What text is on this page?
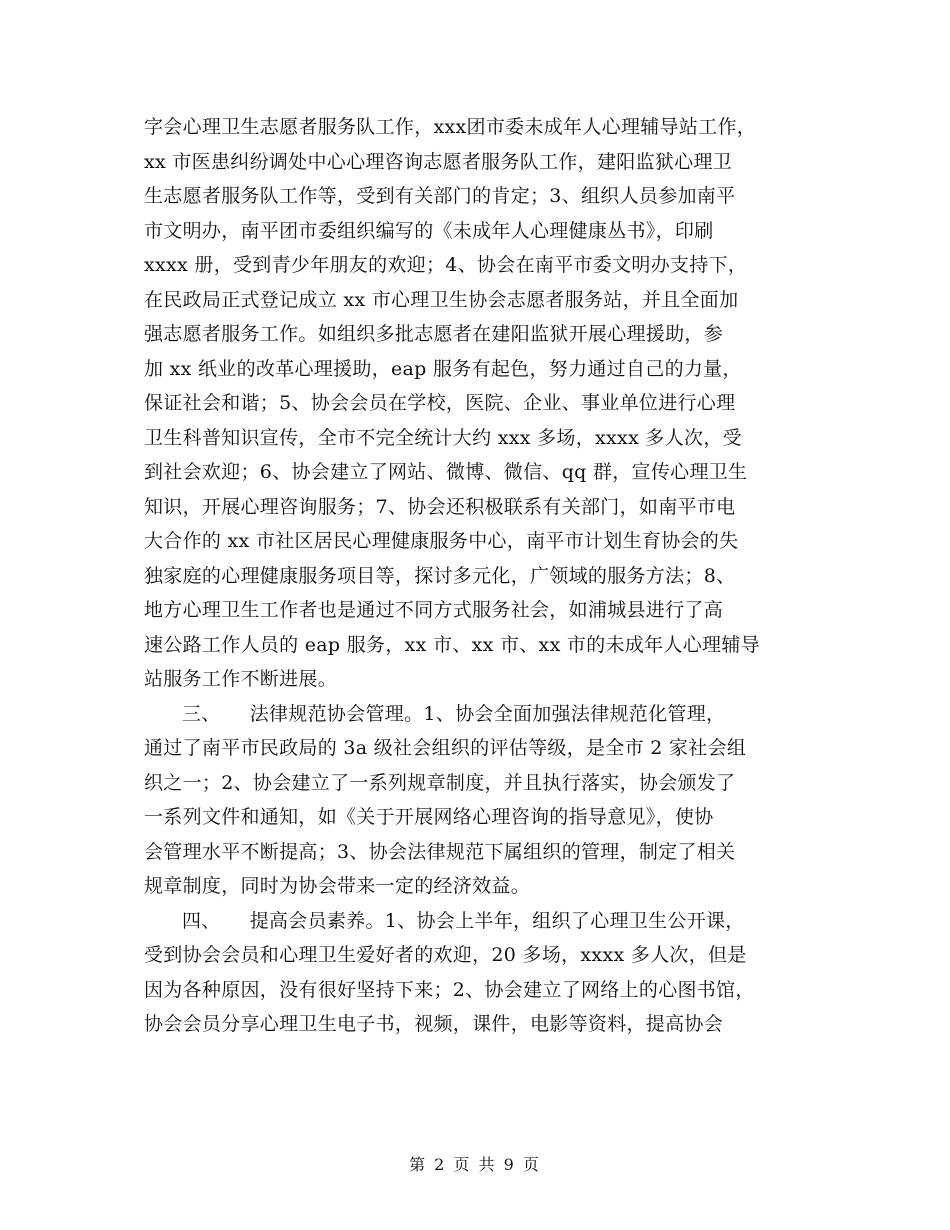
字会心理卫生志愿者服务队工作，xxx团市委未成年人心理辅导站工作，
xx 市医患纠纷调处中心心理咨询志愿者服务队工作，建阳监狱心理卫
生志愿者服务队工作等，受到有关部门的肯定；3、组织人员参加南平
市文明办，南平团市委组织编写的《未成年人心理健康丛书》，印刷
xxxx 册，受到青少年朋友的欢迎；4、协会在南平市委文明办支持下，
在民政局正式登记成立 xx 市心理卫生协会志愿者服务站，并且全面加
强志愿者服务工作。如组织多批志愿者在建阳监狱开展心理援助，参
加 xx 纸业的改革心理援助，eap 服务有起色，努力通过自己的力量，
保证社会和谐；5、协会会员在学校，医院、企业、事业单位进行心理
卫生科普知识宣传，全市不完全统计大约 xxx 多场，xxxx 多人次，受
到社会欢迎；6、协会建立了网站、微博、微信、qq 群，宣传心理卫生
知识，开展心理咨询服务；7、协会还积极联系有关部门，如南平市电
大合作的 xx 市社区居民心理健康服务中心，南平市计划生育协会的失
独家庭的心理健康服务项目等，探讨多元化，广领域的服务方法；8、
地方心理卫生工作者也是通过不同方式服务社会，如浦城县进行了高
速公路工作人员的 eap 服务，xx 市、xx 市、xx 市的未成年人心理辅导
站服务工作不断进展。
三、　　法律规范协会管理。1、协会全面加强法律规范化管理，
通过了南平市民政局的 3a 级社会组织的评估等级，是全市 2 家社会组
织之一；2、协会建立了一系列规章制度，并且执行落实，协会颁发了
一系列文件和通知，如《关于开展网络心理咨询的指导意见》，使协
会管理水平不断提高；3、协会法律规范下属组织的管理，制定了相关
规章制度，同时为协会带来一定的经济效益。
四、　　提高会员素养。1、协会上半年，组织了心理卫生公开课，
受到协会会员和心理卫生爱好者的欢迎，20 多场，xxxx 多人次，但是
因为各种原因，没有很好坚持下来；2、协会建立了网络上的心图书馆，
协会会员分享心理卫生电子书，视频，课件，电影等资料，提高协会
第 2 页 共 9 页
